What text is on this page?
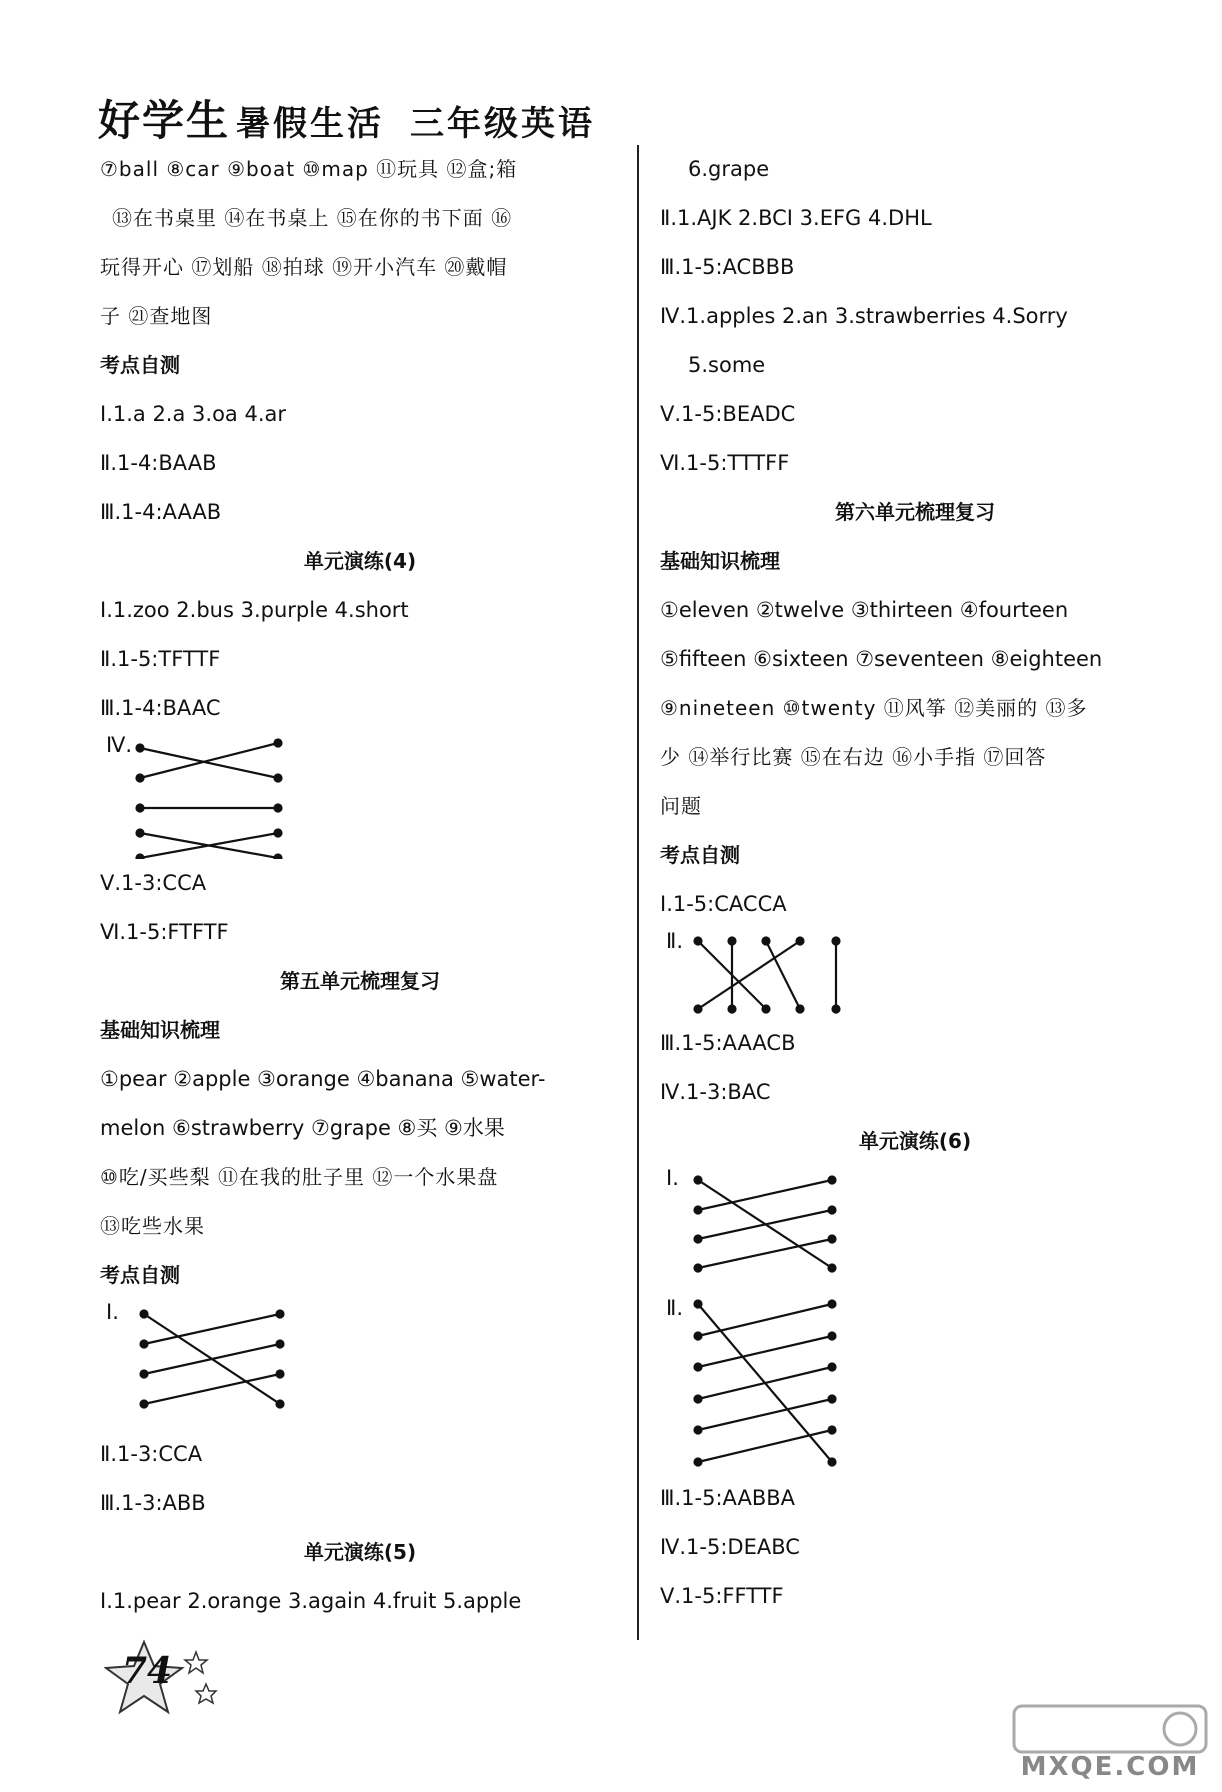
好学生 暑假生活 三年级英语
⑦ball ⑧car ⑨boat ⑩map ⑪玩具 ⑫盒;箱
⑬在书桌里 ⑭在书桌上 ⑮在你的书下面 ⑯
玩得开心 ⑰划船 ⑱拍球 ⑲开小汽车 ⑳戴帽
子 ㉑查地图
考点自测
Ⅰ.1.a 2.a 3.oa 4.ar
Ⅱ.1-4:BAAB
Ⅲ.1-4:AAAB
单元演练(4)
Ⅰ.1.zoo 2.bus 3.purple 4.short
Ⅱ.1-5:TFTTF
Ⅲ.1-4:BAAC
Ⅳ.
Ⅴ.1-3:CCA
Ⅵ.1-5:FTFTF
第五单元梳理复习
基础知识梳理
①pear ②apple ③orange ④banana ⑤water-
melon ⑥strawberry ⑦grape ⑧买 ⑨水果
⑩吃/买些梨 ⑪在我的肚子里 ⑫一个水果盘
⑬吃些水果
考点自测
Ⅰ.
Ⅱ.1-3:CCA
Ⅲ.1-3:ABB
单元演练(5)
Ⅰ.1.pear 2.orange 3.again 4.fruit 5.apple
6.grape
Ⅱ.1.AJK 2.BCI 3.EFG 4.DHL
Ⅲ.1-5:ACBBB
Ⅳ.1.apples 2.an 3.strawberries 4.Sorry
5.some
Ⅴ.1-5:BEADC
Ⅵ.1-5:TTTFF
第六单元梳理复习
基础知识梳理
①eleven ②twelve ③thirteen ④fourteen
⑤fifteen ⑥sixteen ⑦seventeen ⑧eighteen
⑨nineteen ⑩twenty ⑪风筝 ⑫美丽的 ⑬多
少 ⑭举行比赛 ⑮在右边 ⑯小手指 ⑰回答
问题
考点自测
Ⅰ.1-5:CACCA
Ⅱ.
Ⅲ.1-5:AAACB
Ⅳ.1-3:BAC
单元演练(6)
Ⅰ.
Ⅱ.
Ⅲ.1-5:AABBA
Ⅳ.1-5:DEABC
Ⅴ.1-5:FFTTF
74
MXQE.COM
